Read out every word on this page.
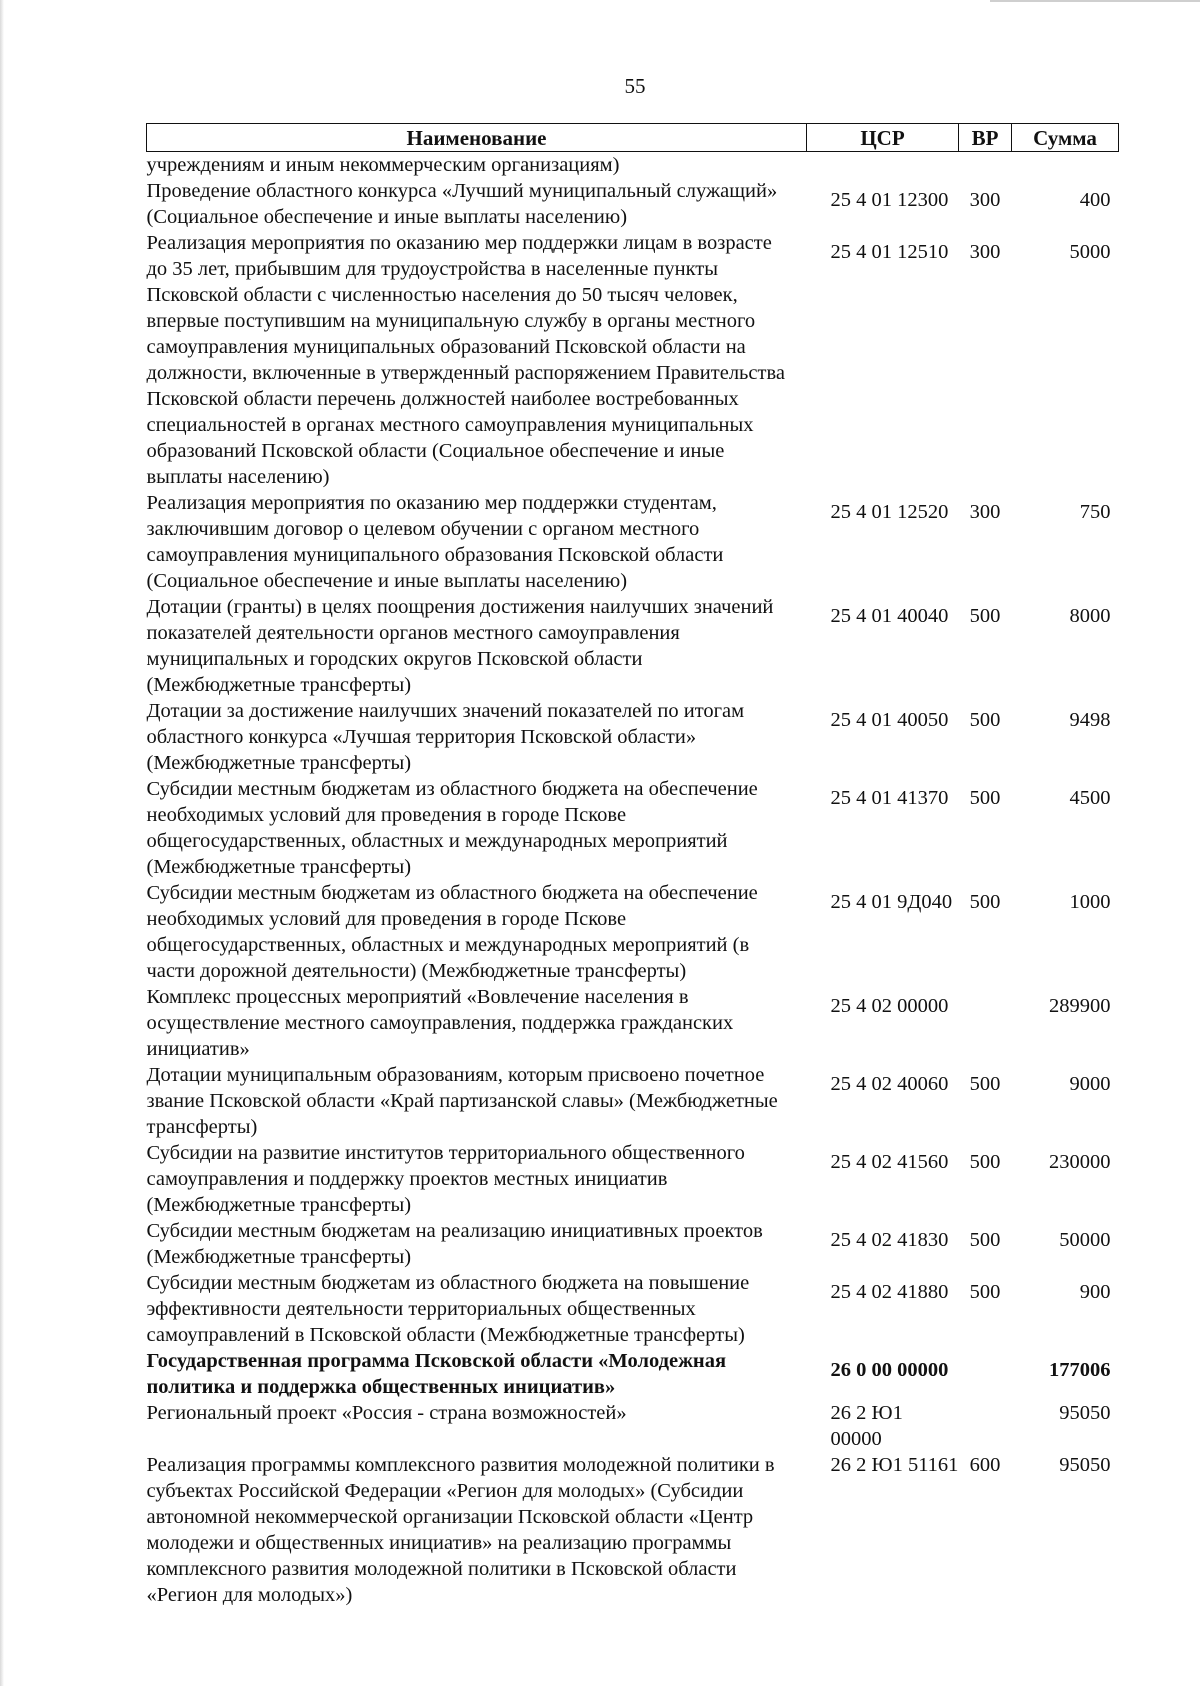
55
Наименование	ЦСР	ВР	Сумма
учреждениям и иным некоммерческим организациям)			
Проведение областного конкурса «Лучший муниципальный служащий» (Социальное обеспечение и иные выплаты населению)	25 4 01 12300	300	400
Реализация мероприятия по оказанию мер поддержки лицам в возрасте до 35 лет, прибывшим для трудоустройства в населенные пункты Псковской области с численностью населения до 50 тысяч человек, впервые поступившим на муниципальную службу в органы местного самоуправления муниципальных образований Псковской области на должности, включенные в утвержденный распоряжением Правительства Псковской области перечень должностей наиболее востребованных специальностей в органах местного самоуправления муниципальных образований Псковской области (Социальное обеспечение и иные выплаты населению)	25 4 01 12510	300	5000
Реализация мероприятия по оказанию мер поддержки студентам, заключившим договор о целевом обучении с органом местного самоуправления муниципального образования Псковской области (Социальное обеспечение и иные выплаты населению)	25 4 01 12520	300	750
Дотации (гранты) в целях поощрения достижения наилучших значений показателей деятельности органов местного самоуправления муниципальных и городских округов Псковской области (Межбюджетные трансферты)	25 4 01 40040	500	8000
Дотации за достижение наилучших значений показателей по итогам областного конкурса «Лучшая территория Псковской области» (Межбюджетные трансферты)	25 4 01 40050	500	9498
Субсидии местным бюджетам из областного бюджета на обеспечение необходимых условий для проведения в городе Пскове общегосударственных, областных и международных мероприятий (Межбюджетные трансферты)	25 4 01 41370	500	4500
Субсидии местным бюджетам из областного бюджета на обеспечение необходимых условий для проведения в городе Пскове общегосударственных, областных и международных мероприятий (в части дорожной деятельности) (Межбюджетные трансферты)	25 4 01 9Д040	500	1000
Комплекс процессных мероприятий «Вовлечение населения в осуществление местного самоуправления, поддержка гражданских инициатив»	25 4 02 00000		289900
Дотации муниципальным образованиям, которым присвоено почетное звание Псковской области «Край партизанской славы» (Межбюджетные трансферты)	25 4 02 40060	500	9000
Субсидии на развитие институтов территориального общественного самоуправления и поддержку проектов местных инициатив (Межбюджетные трансферты)	25 4 02 41560	500	230000
Субсидии местным бюджетам на реализацию инициативных проектов (Межбюджетные трансферты)	25 4 02 41830	500	50000
Субсидии местным бюджетам из областного бюджета на повышение эффективности деятельности территориальных общественных самоуправлений в Псковской области (Межбюджетные трансферты)	25 4 02 41880	500	900
Государственная программа Псковской области «Молодежная политика и поддержка общественных инициатив»	26 0 00 00000		177006
Региональный проект «Россия - страна возможностей»	26 2 Ю1 00000		95050
Реализация программы комплексного развития молодежной политики в субъектах Российской Федерации «Регион для молодых» (Субсидии автономной некоммерческой организации Псковской области «Центр молодежи и общественных инициатив» на реализацию программы комплексного развития молодежной политики в Псковской области «Регион для молодых»)	26 2 Ю1 51161	600	95050
